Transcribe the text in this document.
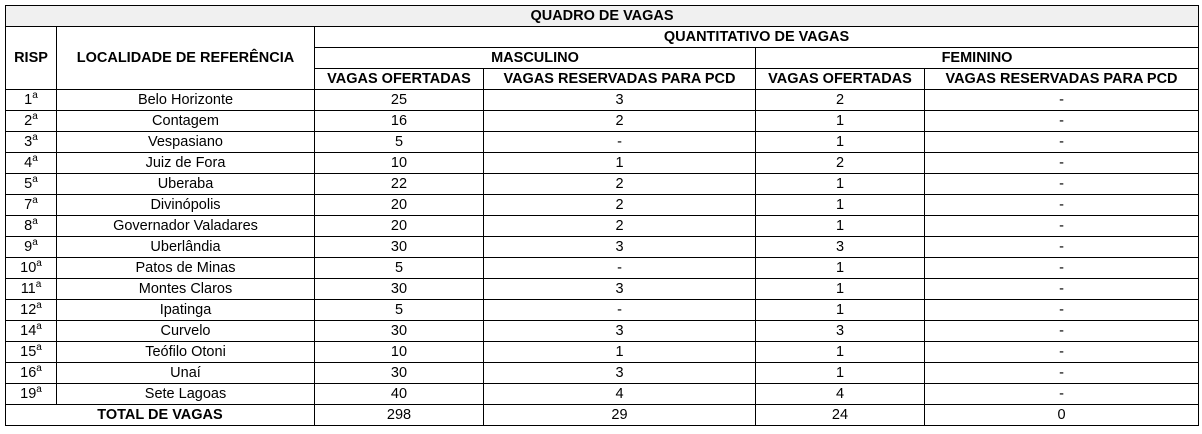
QUADRO DE VAGAS					
RISP	LOCALIDADE DE REFERÊNCIA	QUANTITATIVO DE VAGAS			
		MASCULINO		FEMININO	
		VAGAS OFERTADAS	VAGAS RESERVADAS PARA PCD	VAGAS OFERTADAS	VAGAS RESERVADAS PARA PCD
1$^a$	Belo Horizonte	25	3	2	-
2$^a$	Contagem	16	2	1	-
3$^a$	Vespasiano	5	-	1	-
4$^a$	Juiz de Fora	10	1	2	-
5$^a$	Uberaba	22	2	1	-
7$^a$	Divinópolis	20	2	1	-
8$^a$	Governador Valadares	20	2	1	-
9$^a$	Uberlândia	30	3	3	-
10$^a$	Patos de Minas	5	-	1	-
11$^a$	Montes Claros	30	3	1	-
12$^a$	Ipatinga	5	-	1	-
14$^a$	Curvelo	30	3	3	-
15$^a$	Teófilo Otoni	10	1	1	-
16$^a$	Unaí	30	3	1	-
19$^a$	Sete Lagoas	40	4	4	-
TOTAL DE VAGAS		298	29	24	0
